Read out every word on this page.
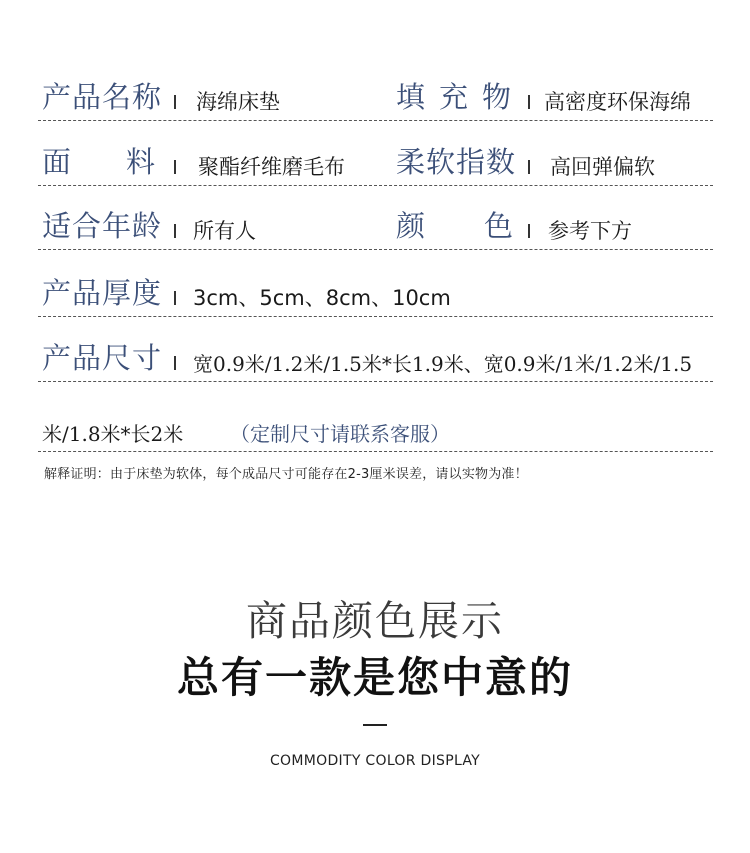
产品名称 海绵床垫	填 充 物 高密度环保海绵
面 料 聚酯纤维磨毛布 柔软指数 高回弹偏软
适合年龄 所有人	颜 色 参考下方
产品厚度 3cm、5cm、8cm、10cm
产品尺寸 宽0.9米/1.2米/1.5米*长1.9米、宽0.9米/1米/1.2米/1.5
米/1.8米*长2米 （定制尺寸请联系客服）
解释证明：由于床垫为软体，每个成品尺寸可能存在2-3厘米误差，请以实物为准！
商品颜色展示
总有一款是您中意的
COMMODITY COLOR DISPLAY
